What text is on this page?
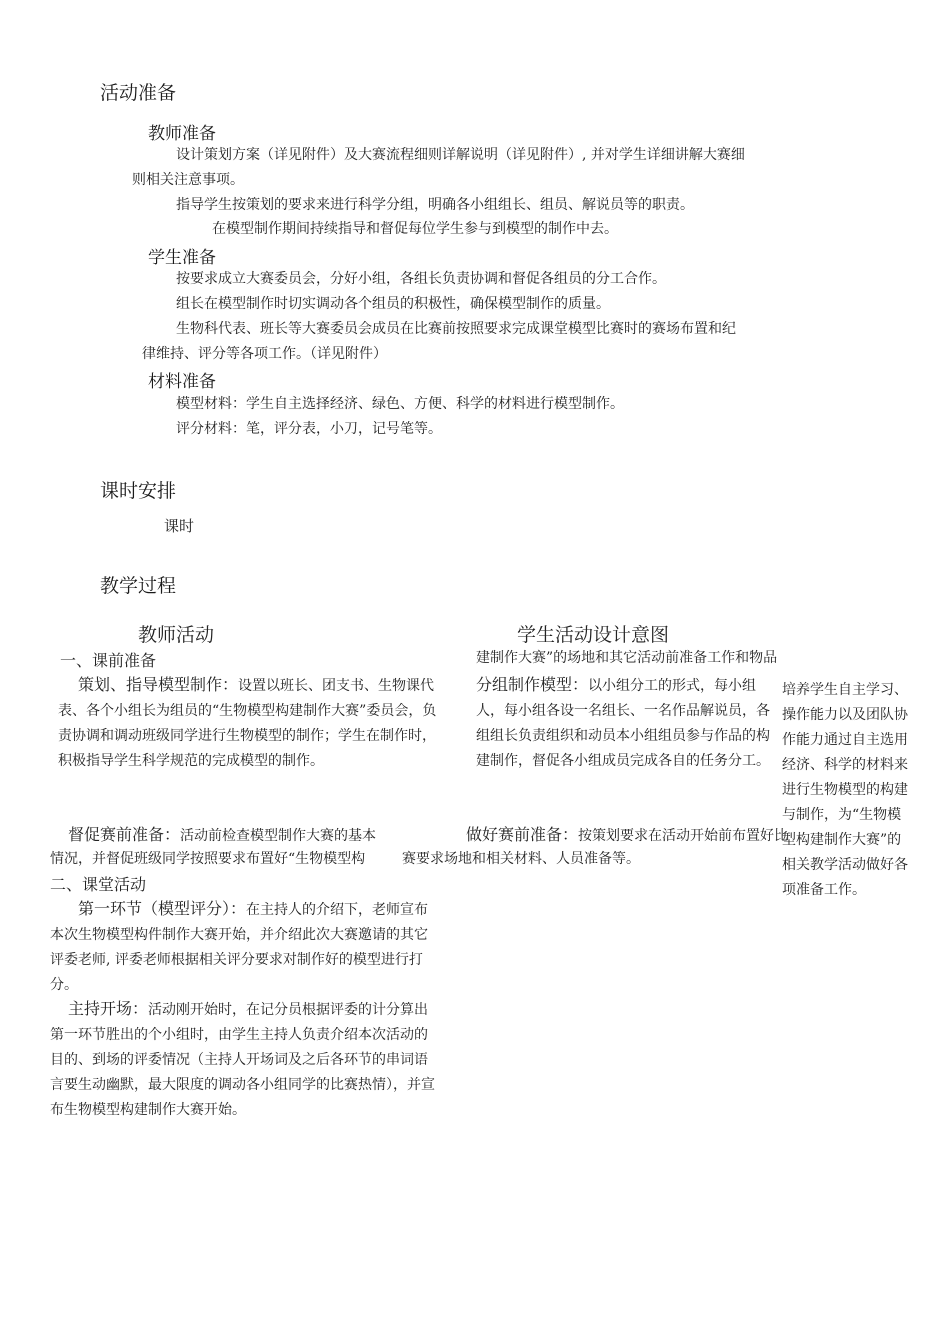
活动准备
教师准备
设计策划方案（详见附件）及大赛流程细则详解说明（详见附件）, 并对学生详细讲解大赛细
则相关注意事项。
指导学生按策划的要求来进行科学分组，明确各小组组长、组员、解说员等的职责。
在模型制作期间持续指导和督促每位学生参与到模型的制作中去。
学生准备
按要求成立大赛委员会，分好小组，各组长负责协调和督促各组员的分工合作。
组长在模型制作时切实调动各个组员的积极性，确保模型制作的质量。
生物科代表、班长等大赛委员会成员在比赛前按照要求完成课堂模型比赛时的赛场布置和纪
律维持、评分等各项工作。（详见附件）
材料准备
模型材料：学生自主选择经济、绿色、方便、科学的材料进行模型制作。
评分材料：笔，评分表，小刀，记号笔等。
课时安排
课时
教学过程
教师活动	学生活动设计意图
一、课前准备
策划、指导模型制作：设置以班长、团支书、生物课代表、各个小组长为组员的“生物模型构建制作大赛”委员会，负责协调和调动班级同学进行生物模型的制作；学生在制作时，积极指导学生科学规范的完成模型的制作。
建制作大赛”的场地和其它活动前准备工作和物品
分组制作模型：以小组分工的形式，每小组人，每小组各设一名组长、一名作品解说员，各组组长负责组织和动员本小组组员参与作品的构建制作，督促各小组成员完成各自的任务分工。
培养学生自主学习、操作能力以及团队协作能力通过自主选用经济、科学的材料来进行生物模型的构建与制作，为“生物模型构建制作大赛”的相关教学活动做好各项准备工作。
督促赛前准备：活动前检查模型制作大赛的基本
情况，并督促班级同学按照要求布置好“生物模型构
做好赛前准备：按策划要求在活动开始前布置好比
赛要求场地和相关材料、人员准备等。
二、课堂活动
第一环节（模型评分）：在主持人的介绍下，老师宣布本次生物模型构件制作大赛开始，并介绍此次大赛邀请的其它评委老师, 评委老师根据相关评分要求对制作好的模型进行打分。
主持开场：活动刚开始时，在记分员根据评委的计分算出第一环节胜出的个小组时，由学生主持人负责介绍本次活动的目的、到场的评委情况（主持人开场词及之后各环节的串词语言要生动幽默，最大限度的调动各小组同学的比赛热情），并宣布生物模型构建制作大赛开始。
